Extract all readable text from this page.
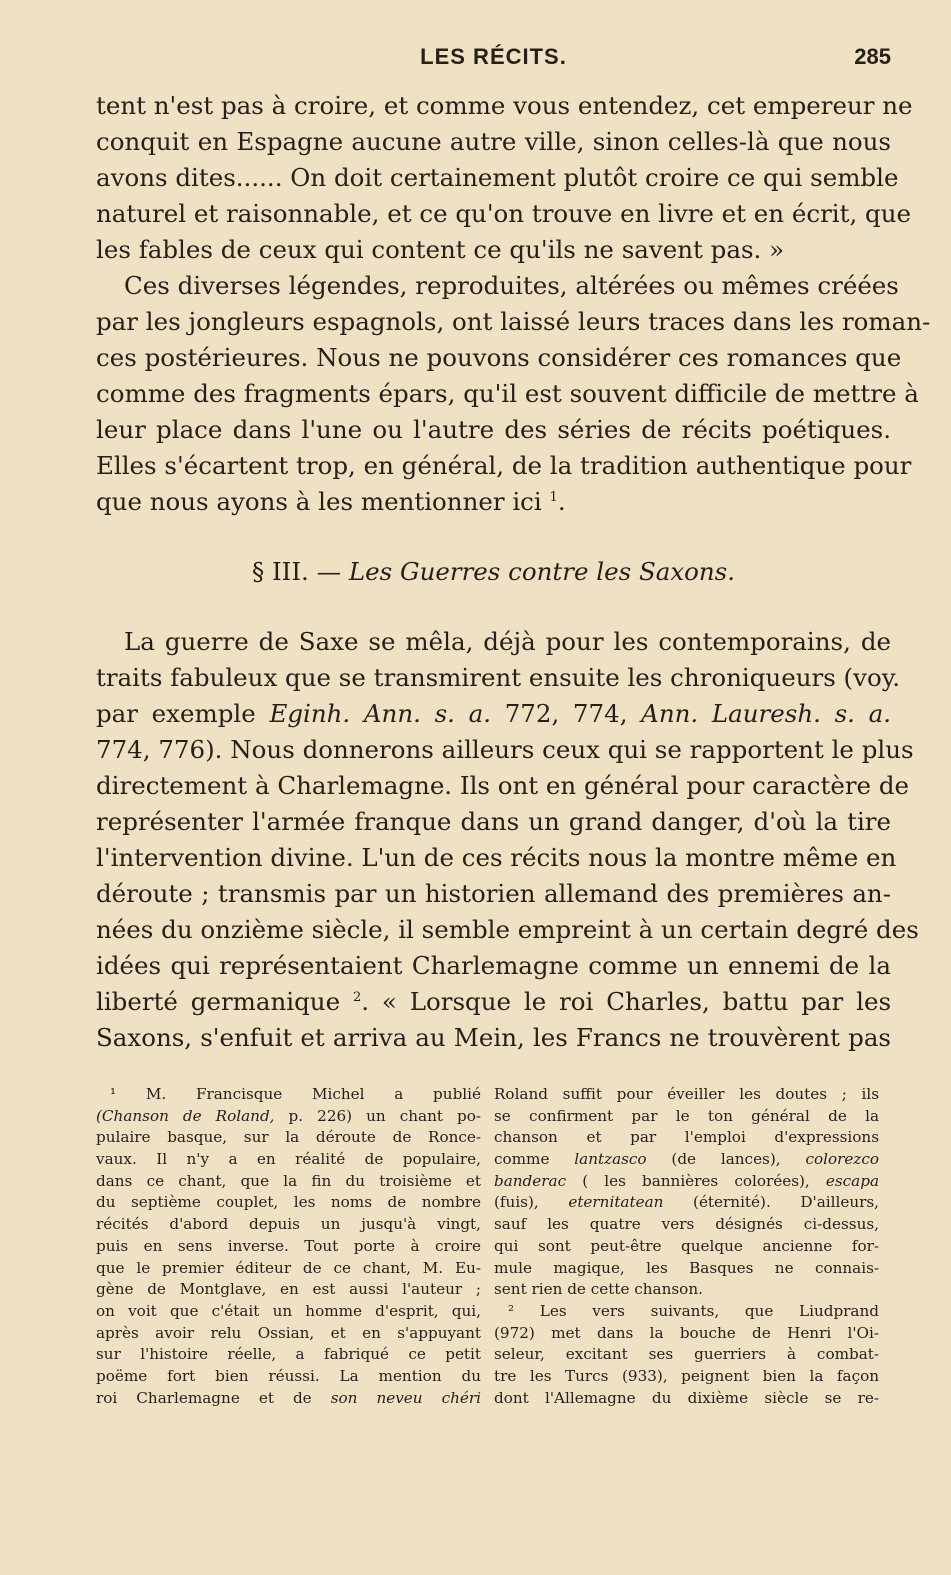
LES RÉCITS.	285
tent n'est pas à croire, et comme vous entendez, cet empereur ne
conquit en Espagne aucune autre ville, sinon celles-là que nous
avons dites...... On doit certainement plutôt croire ce qui semble
naturel et raisonnable, et ce qu'on trouve en livre et en écrit, que
les fables de ceux qui content ce qu'ils ne savent pas. »
Ces diverses légendes, reproduites, altérées ou mêmes créées
par les jongleurs espagnols, ont laissé leurs traces dans les roman-
ces postérieures. Nous ne pouvons considérer ces romances que
comme des fragments épars, qu'il est souvent difficile de mettre à
leur place dans l'une ou l'autre des séries de récits poétiques.
Elles s'écartent trop, en général, de la tradition authentique pour
que nous ayons à les mentionner ici $^1$.
§ III. — Les Guerres contre les Saxons.
La guerre de Saxe se mêla, déjà pour les contemporains, de
traits fabuleux que se transmirent ensuite les chroniqueurs (voy.
par exemple Eginh. Ann. s. a. 772, 774, Ann. Lauresh. s. a.
774, 776). Nous donnerons ailleurs ceux qui se rapportent le plus
directement à Charlemagne. Ils ont en général pour caractère de
représenter l'armée franque dans un grand danger, d'où la tire
l'intervention divine. L'un de ces récits nous la montre même en
déroute ; transmis par un historien allemand des premières an-
nées du onzième siècle, il semble empreint à un certain degré des
idées qui représentaient Charlemagne comme un ennemi de la
liberté germanique $^2$. « Lorsque le roi Charles, battu par les
Saxons, s'enfuit et arriva au Mein, les Francs ne trouvèrent pas
¹ M. Francisque Michel a publié
(Chanson de Roland, p. 226) un chant po-
pulaire basque, sur la déroute de Ronce-
vaux. Il n'y a en réalité de populaire,
dans ce chant, que la fin du troisième et
du septième couplet, les noms de nombre
récités d'abord depuis un jusqu'à vingt,
puis en sens inverse. Tout porte à croire
que le premier éditeur de ce chant, M. Eu-
gène de Montglave, en est aussi l'auteur ;
on voit que c'était un homme d'esprit, qui,
après avoir relu Ossian, et en s'appuyant
sur l'histoire réelle, a fabriqué ce petit
poëme fort bien réussi. La mention du
roi Charlemagne et de son neveu chéri
Roland suffit pour éveiller les doutes ; ils
se confirment par le ton général de la
chanson et par l'emploi d'expressions
comme lantzasco (de lances), colorezco
banderac ( les bannières colorées), escapa
(fuis), eternitatean (éternité). D'ailleurs,
sauf les quatre vers désignés ci-dessus,
qui sont peut-être quelque ancienne for-
mule magique, les Basques ne connais-
sent rien de cette chanson.
² Les vers suivants, que Liudprand
(972) met dans la bouche de Henri l'Oi-
seleur, excitant ses guerriers à combat-
tre les Turcs (933), peignent bien la façon
dont l'Allemagne du dixième siècle se re-
